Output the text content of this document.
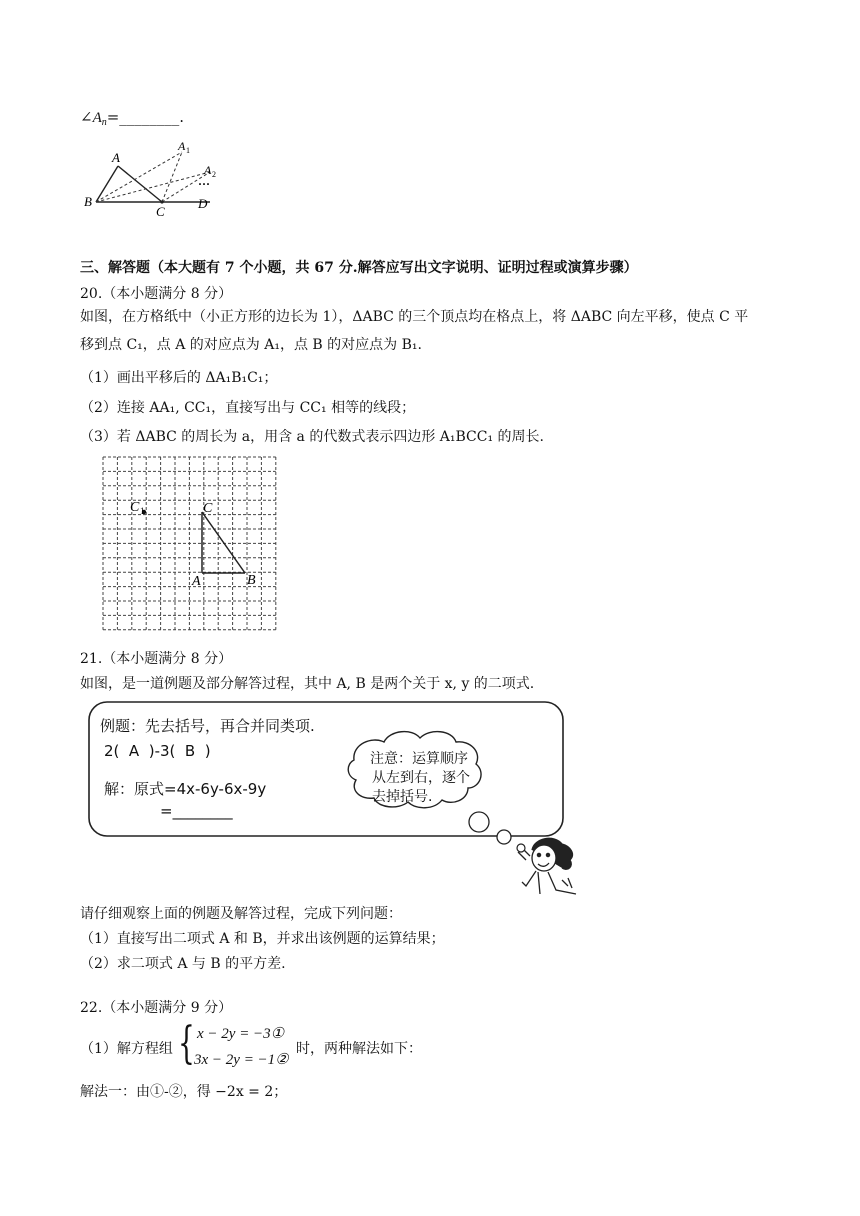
$\angle A_n=\_\_\_\_\_\_\_\_$.
A
A 1
A 2
···
B
C
D
三、解答题（本大题有 7 个小题，共 67 分.解答应写出文字说明、证明过程或演算步骤）
20.（本小题满分 8 分）
如图，在方格纸中（小正方形的边长为 1），ΔABC 的三个顶点均在格点上，将 ΔABC 向左平移，使点 C 平
移到点 C₁，点 A 的对应点为 A₁，点 B 的对应点为 B₁.
（1）画出平移后的 ΔA₁B₁C₁；
（2）连接 AA₁, CC₁，直接写出与 CC₁ 相等的线段；
（3）若 ΔABC 的周长为 a，用含 a 的代数式表示四边形 A₁BCC₁ 的周长.
C 1	C
A	B
21.（本小题满分 8 分）
如图，是一道例题及部分解答过程，其中 A, B 是两个关于 x, y 的二项式.
例题：先去括号，再合并同类项.
2(  A  )-3(  B  )
解：原式=4x-6y-6x-9y
=________
注意：运算顺序
从左到右，逐个
去掉括号.
请仔细观察上面的例题及解答过程，完成下列问题：
（1）直接写出二项式 A 和 B，并求出该例题的运算结果；
（2）求二项式 A 与 B 的平方差.
22.（本小题满分 9 分）
（1）解方程组 { x − 2y = −3①
3x − 2y = −1②
时，两种解法如下：
解法一：由①-②，得 −2x = 2；
